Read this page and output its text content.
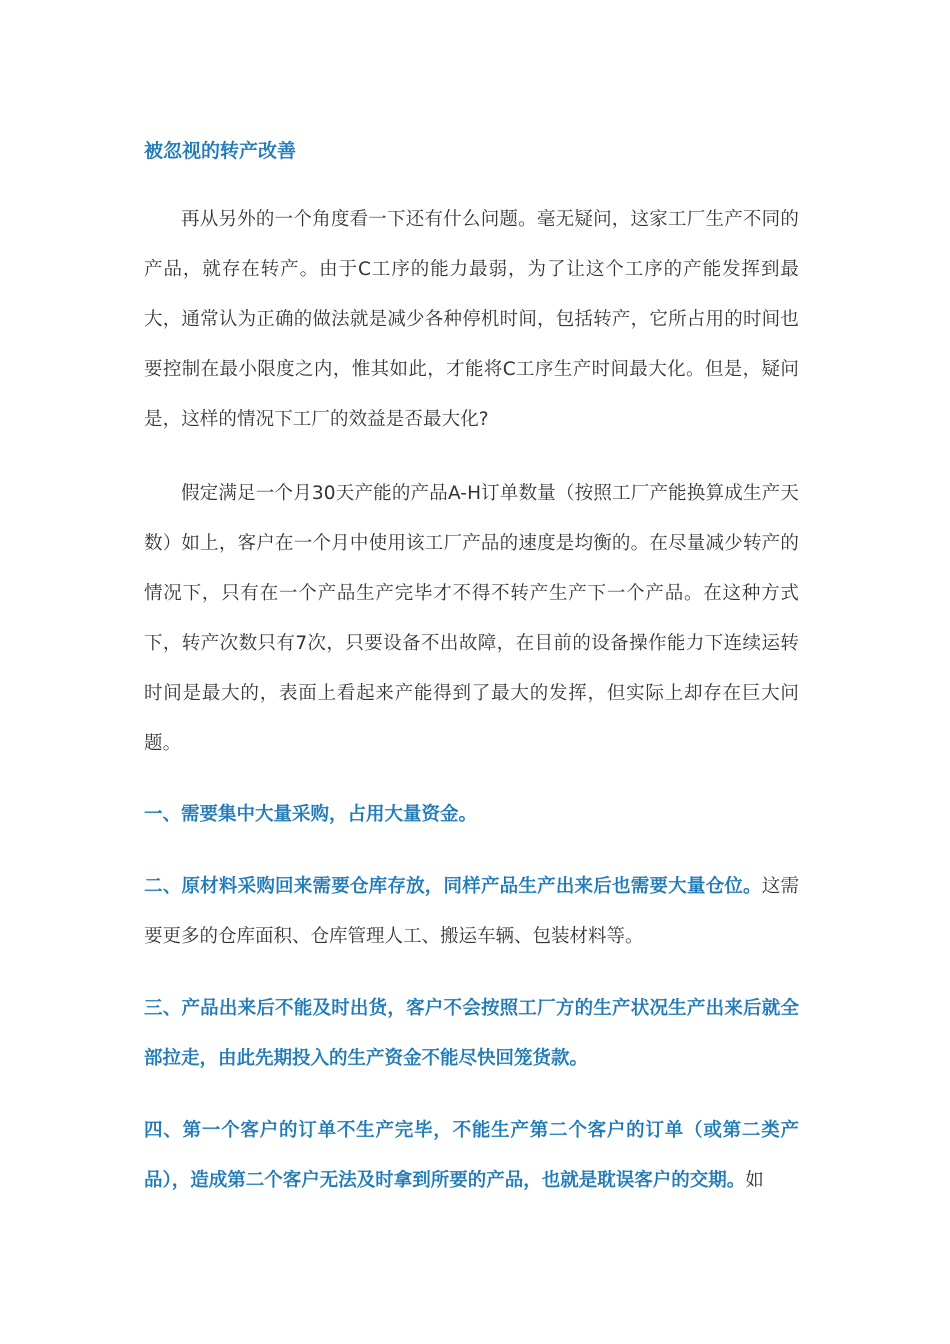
被忽视的转产改善

再从另外的一个角度看一下还有什么问题。毫无疑问，这家工厂生产不同的产品，就存在转产。由于C工序的能力最弱，为了让这个工序的产能发挥到最大，通常认为正确的做法就是减少各种停机时间，包括转产，它所占用的时间也要控制在最小限度之内，惟其如此，才能将C工序生产时间最大化。但是，疑问是，这样的情况下工厂的效益是否最大化?

假定满足一个月30天产能的产品A-H订单数量（按照工厂产能换算成生产天数）如上，客户在一个月中使用该工厂产品的速度是均衡的。在尽量减少转产的情况下，只有在一个产品生产完毕才不得不转产生产下一个产品。在这种方式下，转产次数只有7次，只要设备不出故障，在目前的设备操作能力下连续运转时间是最大的，表面上看起来产能得到了最大的发挥，但实际上却存在巨大问题。

一、需要集中大量采购，占用大量资金。

二、原材料采购回来需要仓库存放，同样产品生产出来后也需要大量仓位。这需要更多的仓库面积、仓库管理人工、搬运车辆、包装材料等。

三、产品出来后不能及时出货，客户不会按照工厂方的生产状况生产出来后就全部拉走，由此先期投入的生产资金不能尽快回笼货款。

四、第一个客户的订单不生产完毕，不能生产第二个客户的订单（或第二类产品），造成第二个客户无法及时拿到所要的产品，也就是耽误客户的交期。如
